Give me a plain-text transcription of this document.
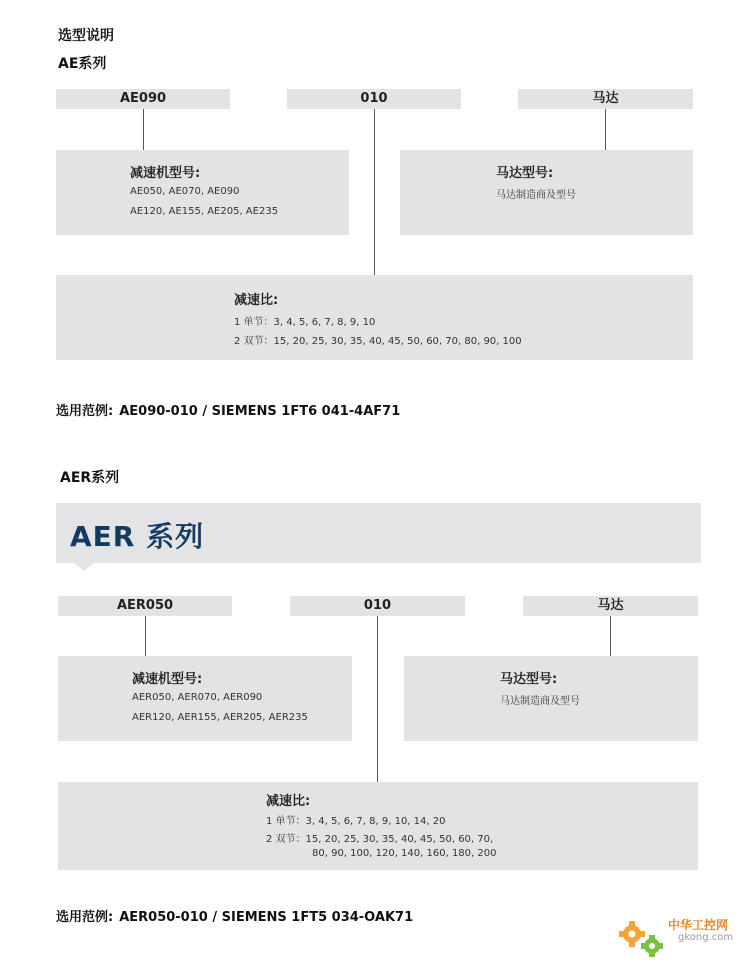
选型说明
AE系列
AE090	010	马达
减速机型号:
AE050, AE070, AE090
AE120, AE155, AE205, AE235
马达型号:
马达制造商及型号
减速比:
1 单节：3, 4, 5, 6, 7, 8, 9, 10
2 双节：15, 20, 25, 30, 35, 40, 45, 50, 60, 70, 80, 90, 100
选用范例: AE090-010 / SIEMENS 1FT6 041-4AF71
AER系列
AER 系列
AER050	010	马达
减速机型号:
AER050, AER070, AER090
AER120, AER155, AER205, AER235
马达型号:
马达制造商及型号
减速比:
1 单节：3, 4, 5, 6, 7, 8, 9, 10, 14, 20
2 双节：15, 20, 25, 30, 35, 40, 45, 50, 60, 70,
80, 90, 100, 120, 140, 160, 180, 200
选用范例: AER050-010 / SIEMENS 1FT5 034-OAK71	中华工控网
gkong.com
